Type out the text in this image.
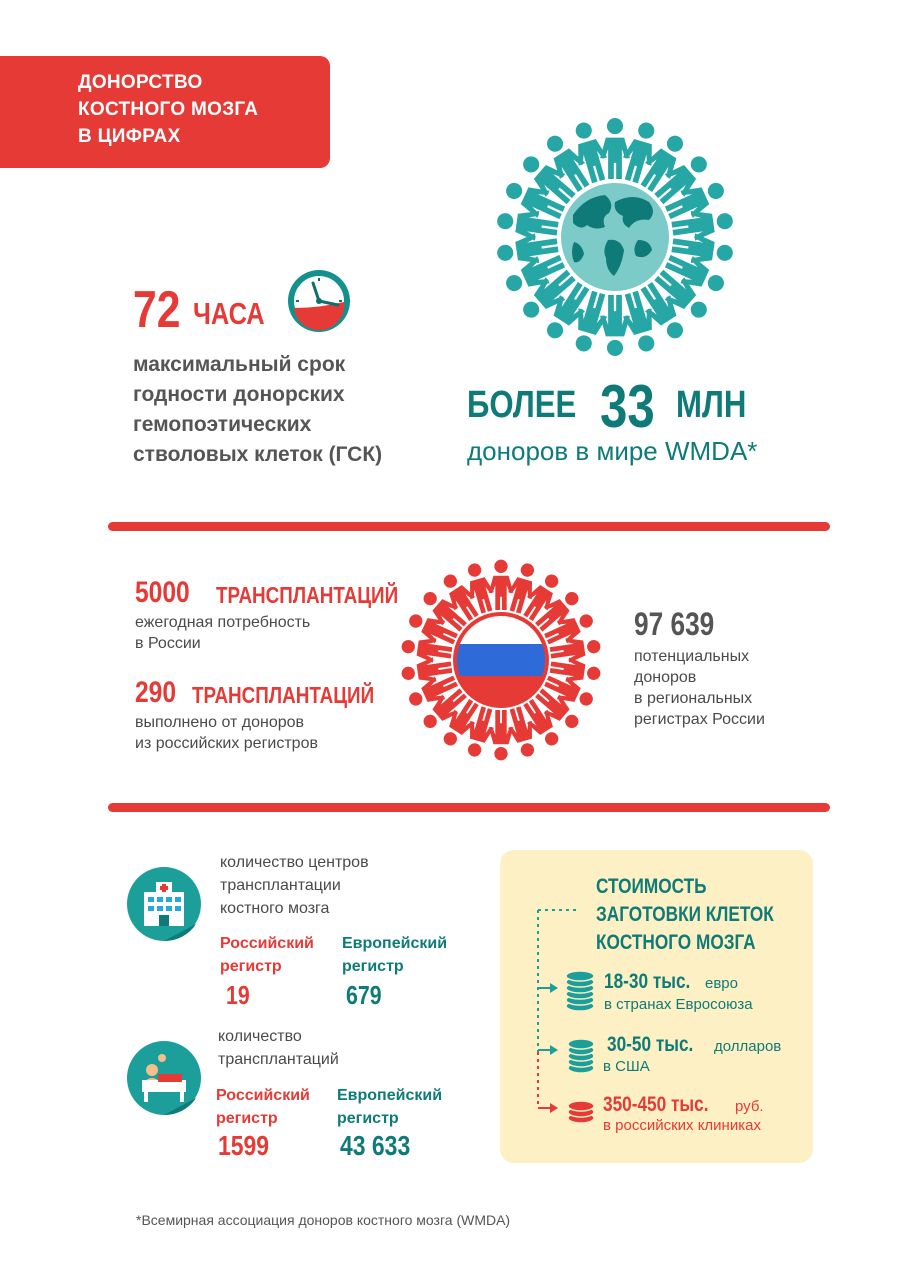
ДОНОРСТВО
КОСТНОГО МОЗГА
В ЦИФРАХ
72 ЧАСА
максимальный срок
годности донорских
гемопоэтических
стволовых клеток (ГСК)
БОЛЕЕ 33 МЛН
доноров в мире WMDA*
5000	ТРАНСПЛАНТАЦИЙ
ежегодная потребность
в России
290 ТРАНСПЛАНТАЦИЙ
выполнено от доноров
из российских регистров
97 639
потенциальных
доноров
в региональных
регистрах России
количество центров
трансплантации
костного мозга
Российский
регистр
19
Европейский
регистр
679
количество
трансплантаций
Российский
регистр
1599
Европейский
регистр
43 633
СТОИМОСТЬ
ЗАГОТОВКИ КЛЕТОК
КОСТНОГО МОЗГА
18-30 тыс. евро
в странах Евросоюза
30-50 тыс.	долларов
в США
350-450 тыс.	руб.
в российских клиниках
*Всемирная ассоциация доноров костного мозга (WMDA)
